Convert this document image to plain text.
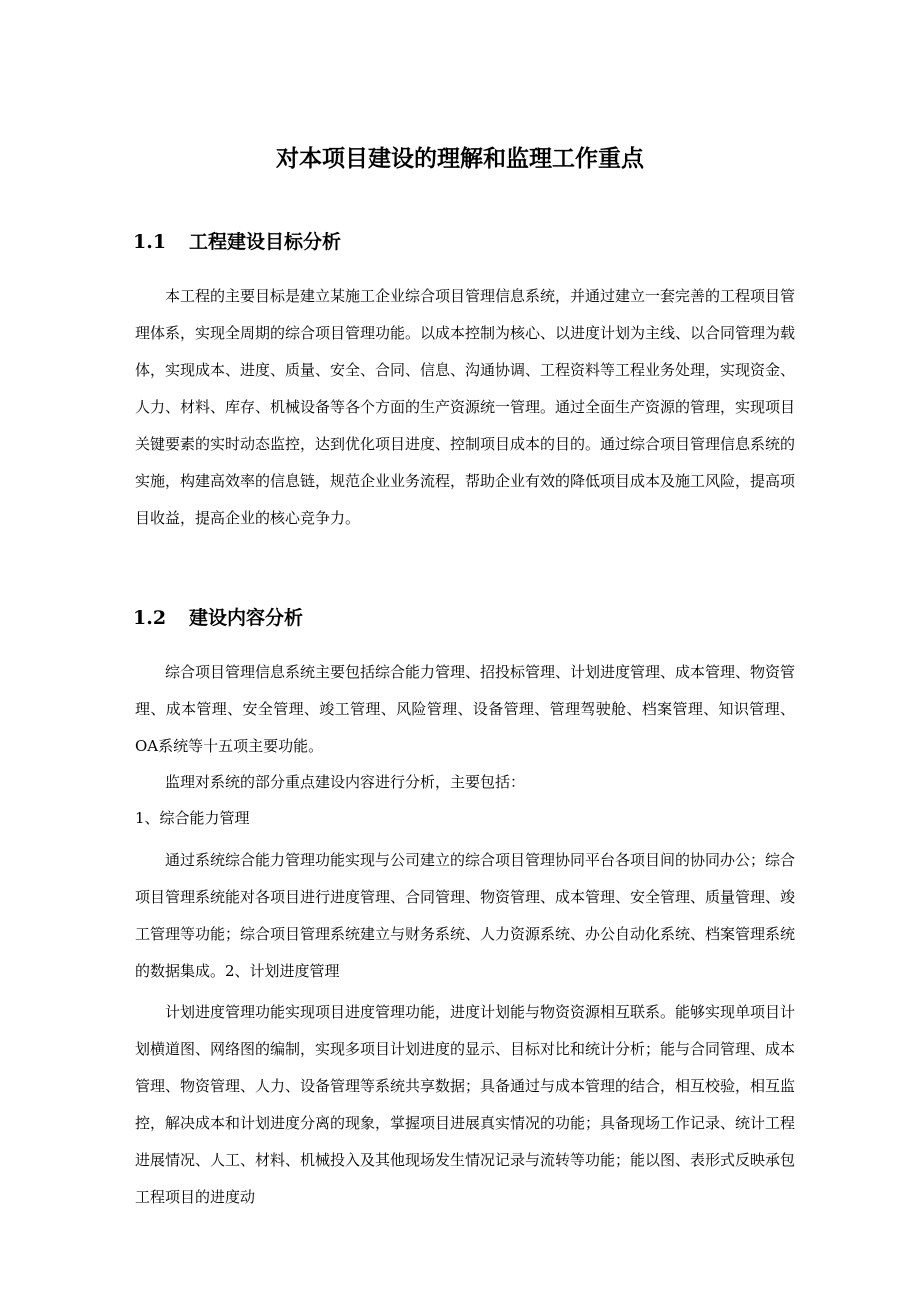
对本项目建设的理解和监理工作重点
1.1 工程建设目标分析
本工程的主要目标是建立某施工企业综合项目管理信息系统，并通过建立一套完善的工程项目管理体系，实现全周期的综合项目管理功能。以成本控制为核心、以进度计划为主线、以合同管理为载体，实现成本、进度、质量、安全、合同、信息、沟通协调、工程资料等工程业务处理，实现资金、人力、材料、库存、机械设备等各个方面的生产资源统一管理。通过全面生产资源的管理，实现项目关键要素的实时动态监控，达到优化项目进度、控制项目成本的目的。通过综合项目管理信息系统的实施，构建高效率的信息链，规范企业业务流程，帮助企业有效的降低项目成本及施工风险，提高项目收益，提高企业的核心竞争力。
1.2 建设内容分析
综合项目管理信息系统主要包括综合能力管理、招投标管理、计划进度管理、成本管理、物资管理、成本管理、安全管理、竣工管理、风险管理、设备管理、管理驾驶舱、档案管理、知识管理、OA系统等十五项主要功能。
监理对系统的部分重点建设内容进行分析，主要包括：
1、综合能力管理
通过系统综合能力管理功能实现与公司建立的综合项目管理协同平台各项目间的协同办公；综合项目管理系统能对各项目进行进度管理、合同管理、物资管理、成本管理、安全管理、质量管理、竣工管理等功能；综合项目管理系统建立与财务系统、人力资源系统、办公自动化系统、档案管理系统的数据集成。2、计划进度管理
计划进度管理功能实现项目进度管理功能，进度计划能与物资资源相互联系。能够实现单项目计划横道图、网络图的编制，实现多项目计划进度的显示、目标对比和统计分析；能与合同管理、成本管理、物资管理、人力、设备管理等系统共享数据；具备通过与成本管理的结合，相互校验，相互监控，解决成本和计划进度分离的现象，掌握项目进展真实情况的功能；具备现场工作记录、统计工程进展情况、人工、材料、机械投入及其他现场发生情况记录与流转等功能；能以图、表形式反映承包工程项目的进度动
